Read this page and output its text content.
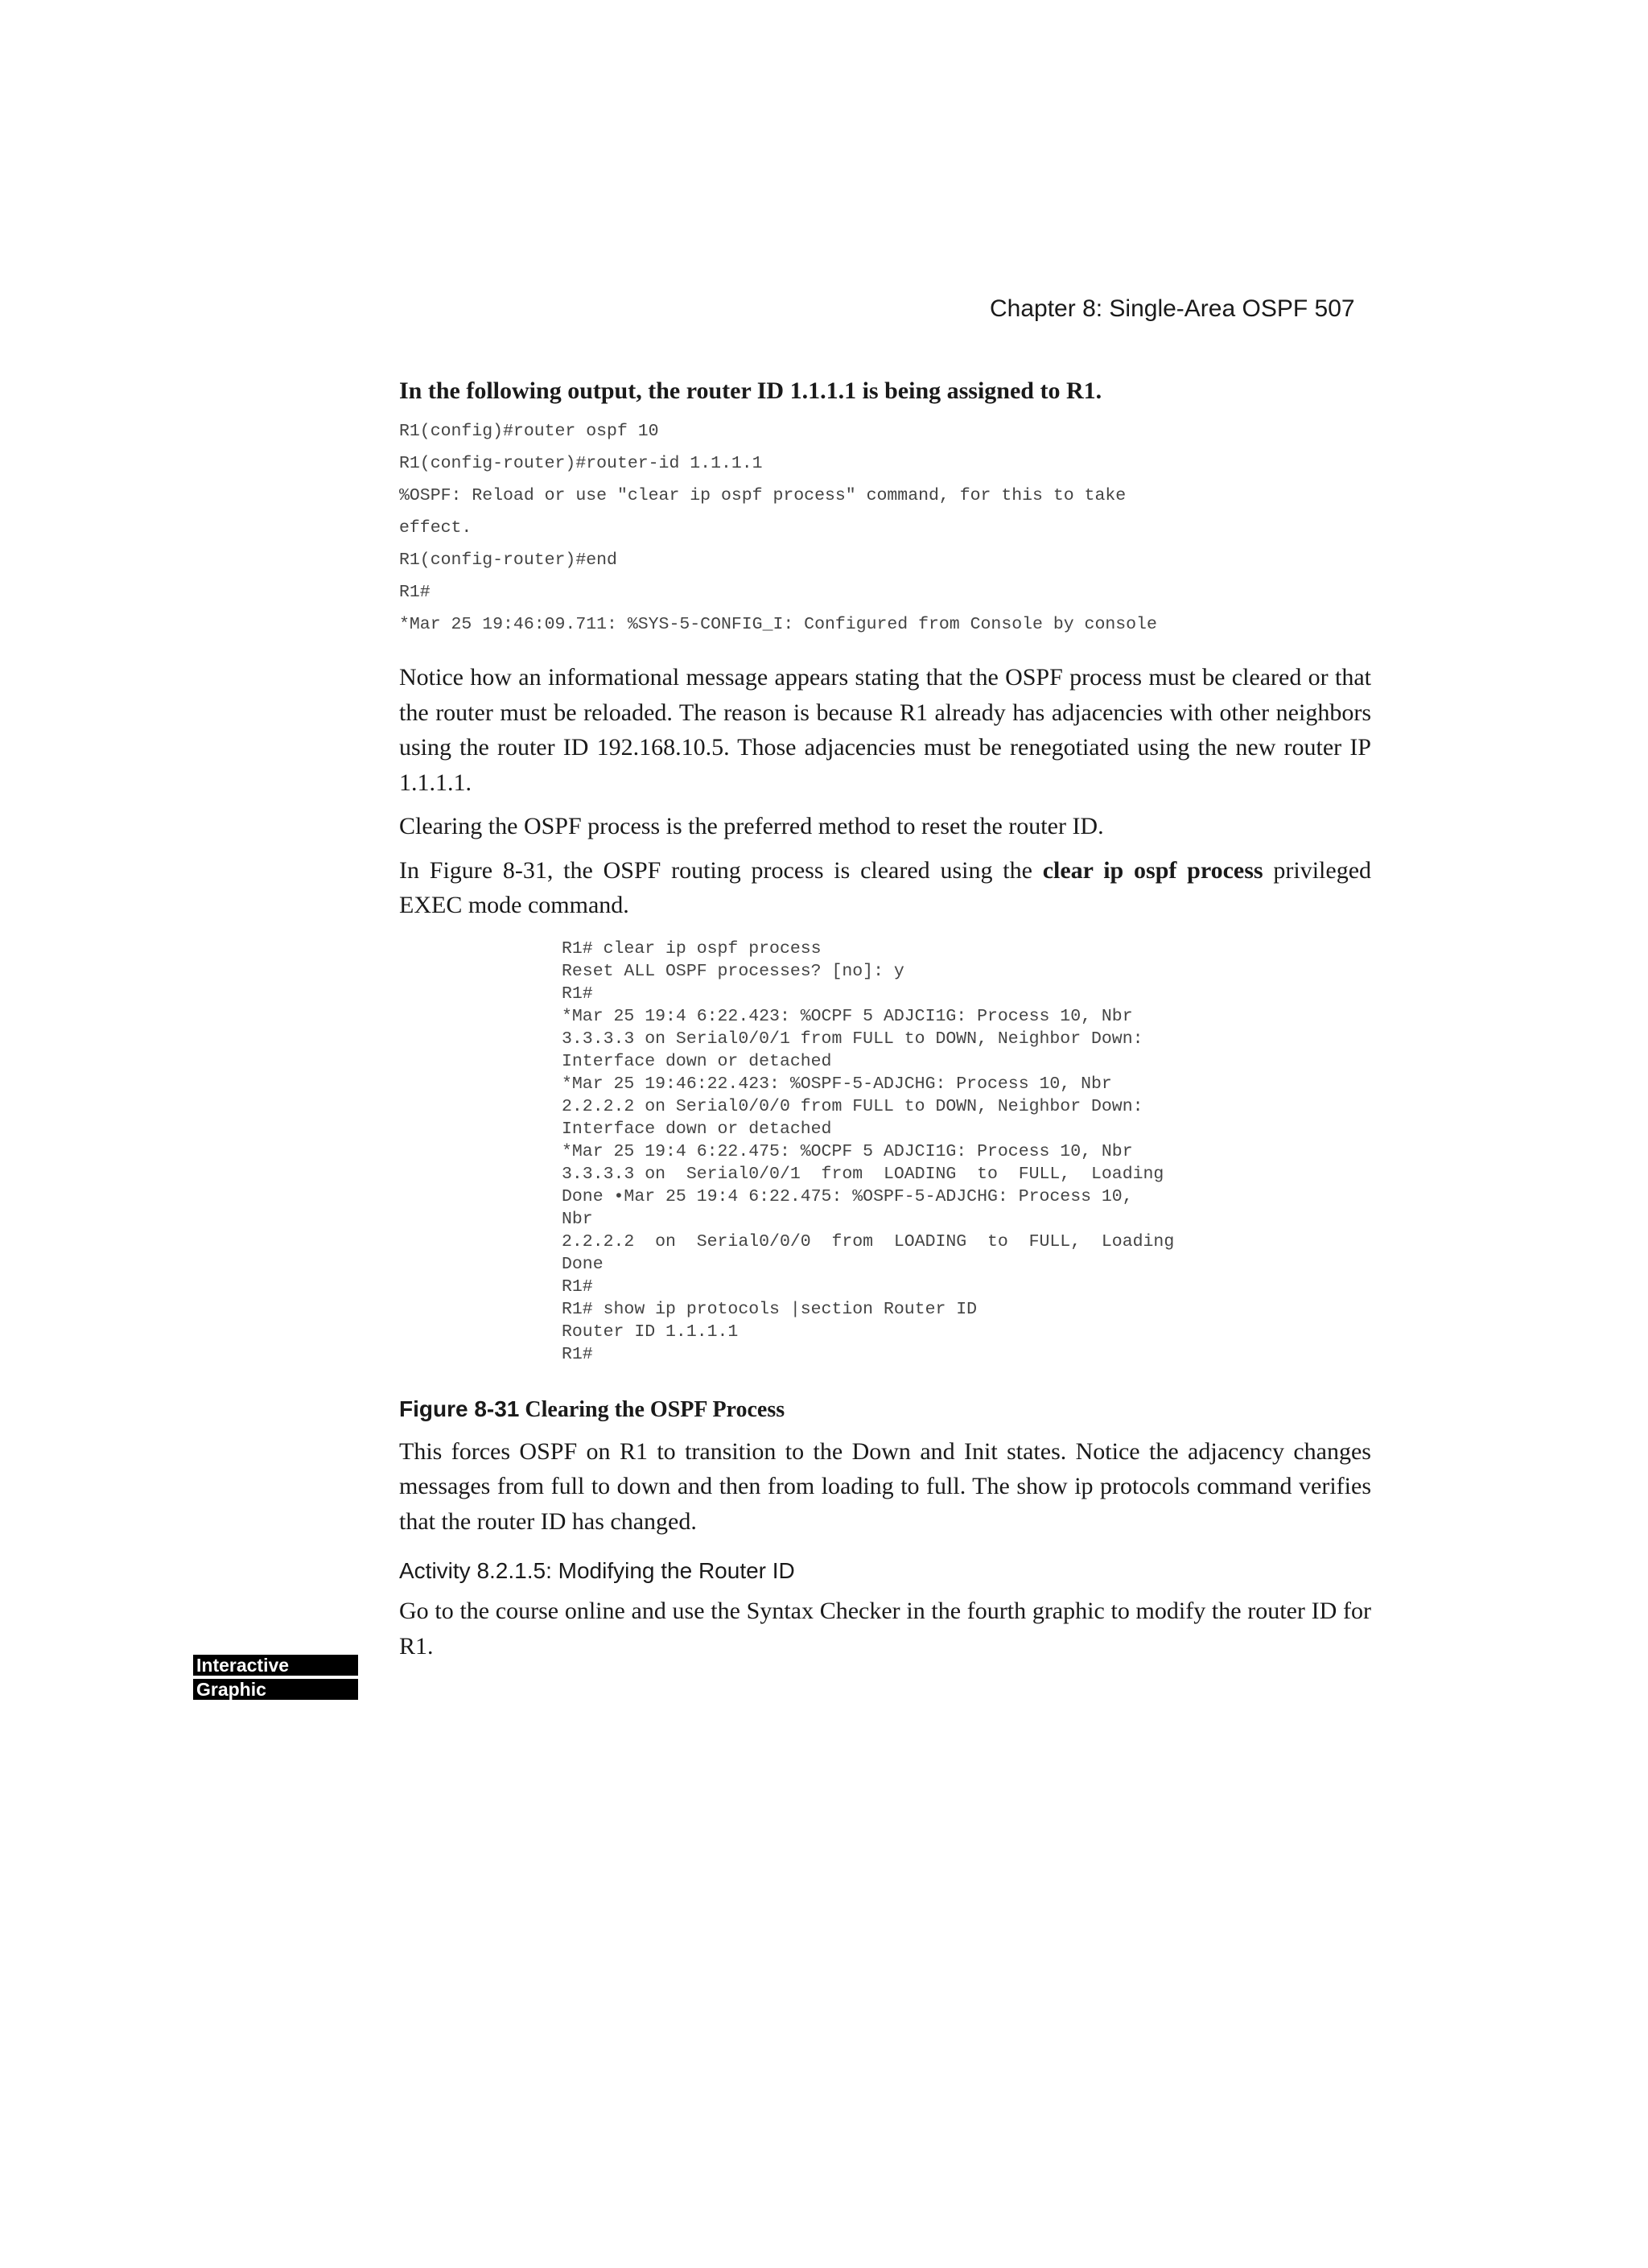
Chapter 8: Single-Area OSPF 507

In the following output, the router ID 1.1.1.1 is being assigned to R1.

R1(config)#router ospf 10
R1(config-router)#router-id 1.1.1.1
%OSPF: Reload or use "clear ip ospf process" command, for this to take
effect.
R1(config-router)#end
R1#
*Mar 25 19:46:09.711: %SYS-5-CONFIG_I: Configured from Console by console

Notice how an informational message appears stating that the OSPF process must be cleared or that the router must be reloaded. The reason is because R1 already has adjacencies with other neighbors using the router ID 192.168.10.5. Those adjacencies must be renegotiated using the new router IP 1.1.1.1.

Clearing the OSPF process is the preferred method to reset the router ID.

In Figure 8-31, the OSPF routing process is cleared using the clear ip ospf process privileged EXEC mode command.

R1# clear ip ospf process
Reset ALL OSPF processes? [no]: y
R1#
*Mar 25 19:4 6:22.423: %OCPF 5 ADJCI1G: Process 10, Nbr
3.3.3.3 on Serial0/0/1 from FULL to DOWN, Neighbor Down:
Interface down or detached
*Mar 25 19:46:22.423: %OSPF-5-ADJCHG: Process 10, Nbr
2.2.2.2 on Serial0/0/0 from FULL to DOWN, Neighbor Down:
Interface down or detached
*Mar 25 19:4 6:22.475: %OCPF 5 ADJCI1G: Process 10, Nbr
3.3.3.3 on  Serial0/0/1  from  LOADING  to  FULL,  Loading
Done •Mar 25 19:4 6:22.475: %OSPF-5-ADJCHG: Process 10,
Nbr
2.2.2.2  on  Serial0/0/0  from  LOADING  to  FULL,  Loading
Done
R1#
R1# show ip protocols |section Router ID
Router ID 1.1.1.1
R1#

Figure 8-31 Clearing the OSPF Process

This forces OSPF on R1 to transition to the Down and Init states. Notice the adjacency changes messages from full to down and then from loading to full. The show ip protocols command verifies that the router ID has changed.

Activity 8.2.1.5: Modifying the Router ID

Go to the course online and use the Syntax Checker in the fourth graphic to modify the router ID for R1.

Interactive
Graphic
